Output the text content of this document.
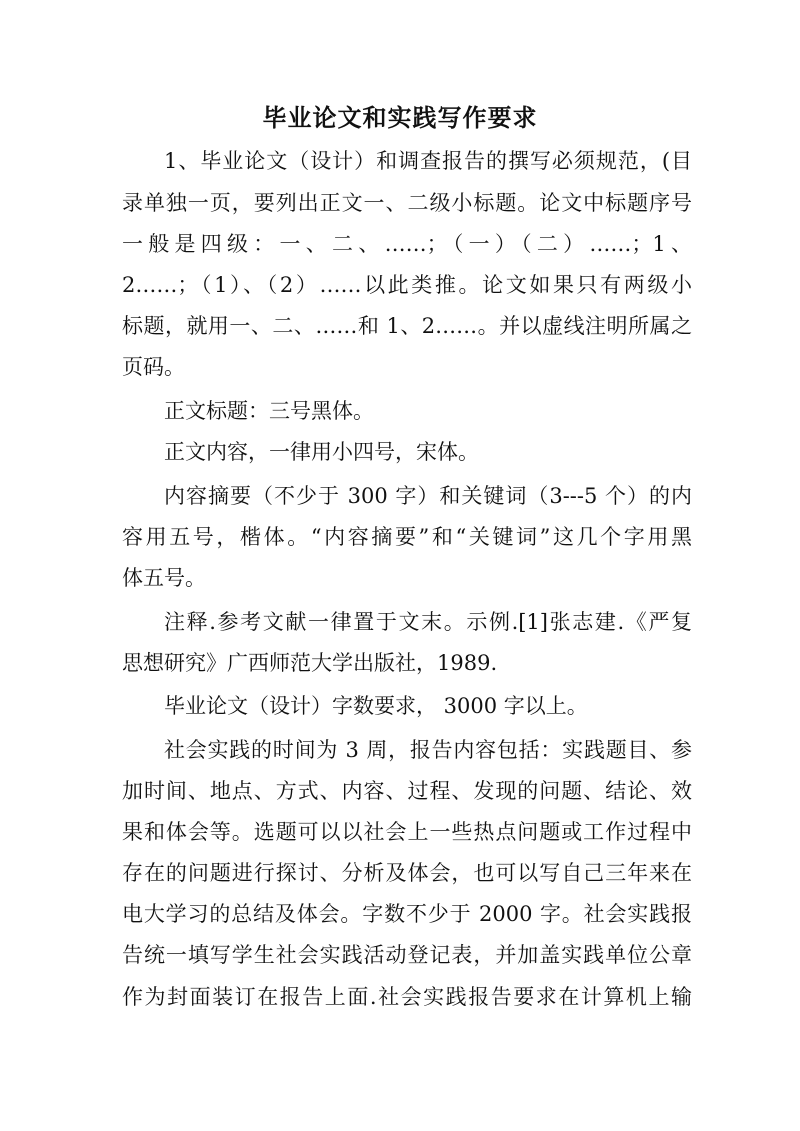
毕业论文和实践写作要求
1、毕业论文（设计）和调查报告的撰写必须规范，(目
录单独一页，要列出正文一、二级小标题。论文中标题序号
一般是四级：一、二、……；（一）（二）……；1、
2……；（1）、（2）……以此类推。论文如果只有两级小
标题，就用一、二、……和 1、2……。并以虚线注明所属之
页码。
正文标题：三号黑体。
正文内容，一律用小四号，宋体。
内容摘要（不少于 300 字）和关键词（3---5 个）的内
容用五号，楷体。“内容摘要”和“关键词”这几个字用黑
体五号。
注释.参考文献一律置于文末。示例.[1]张志建.《严复
思想研究》广西师范大学出版社，1989.
毕业论文（设计）字数要求， 3000 字以上。
社会实践的时间为 3 周，报告内容包括：实践题目、参
加时间、地点、方式、内容、过程、发现的问题、结论、效
果和体会等。选题可以以社会上一些热点问题或工作过程中
存在的问题进行探讨、分析及体会，也可以写自己三年来在
电大学习的总结及体会。字数不少于 2000 字。社会实践报
告统一填写学生社会实践活动登记表，并加盖实践单位公章
作为封面装订在报告上面.社会实践报告要求在计算机上输
